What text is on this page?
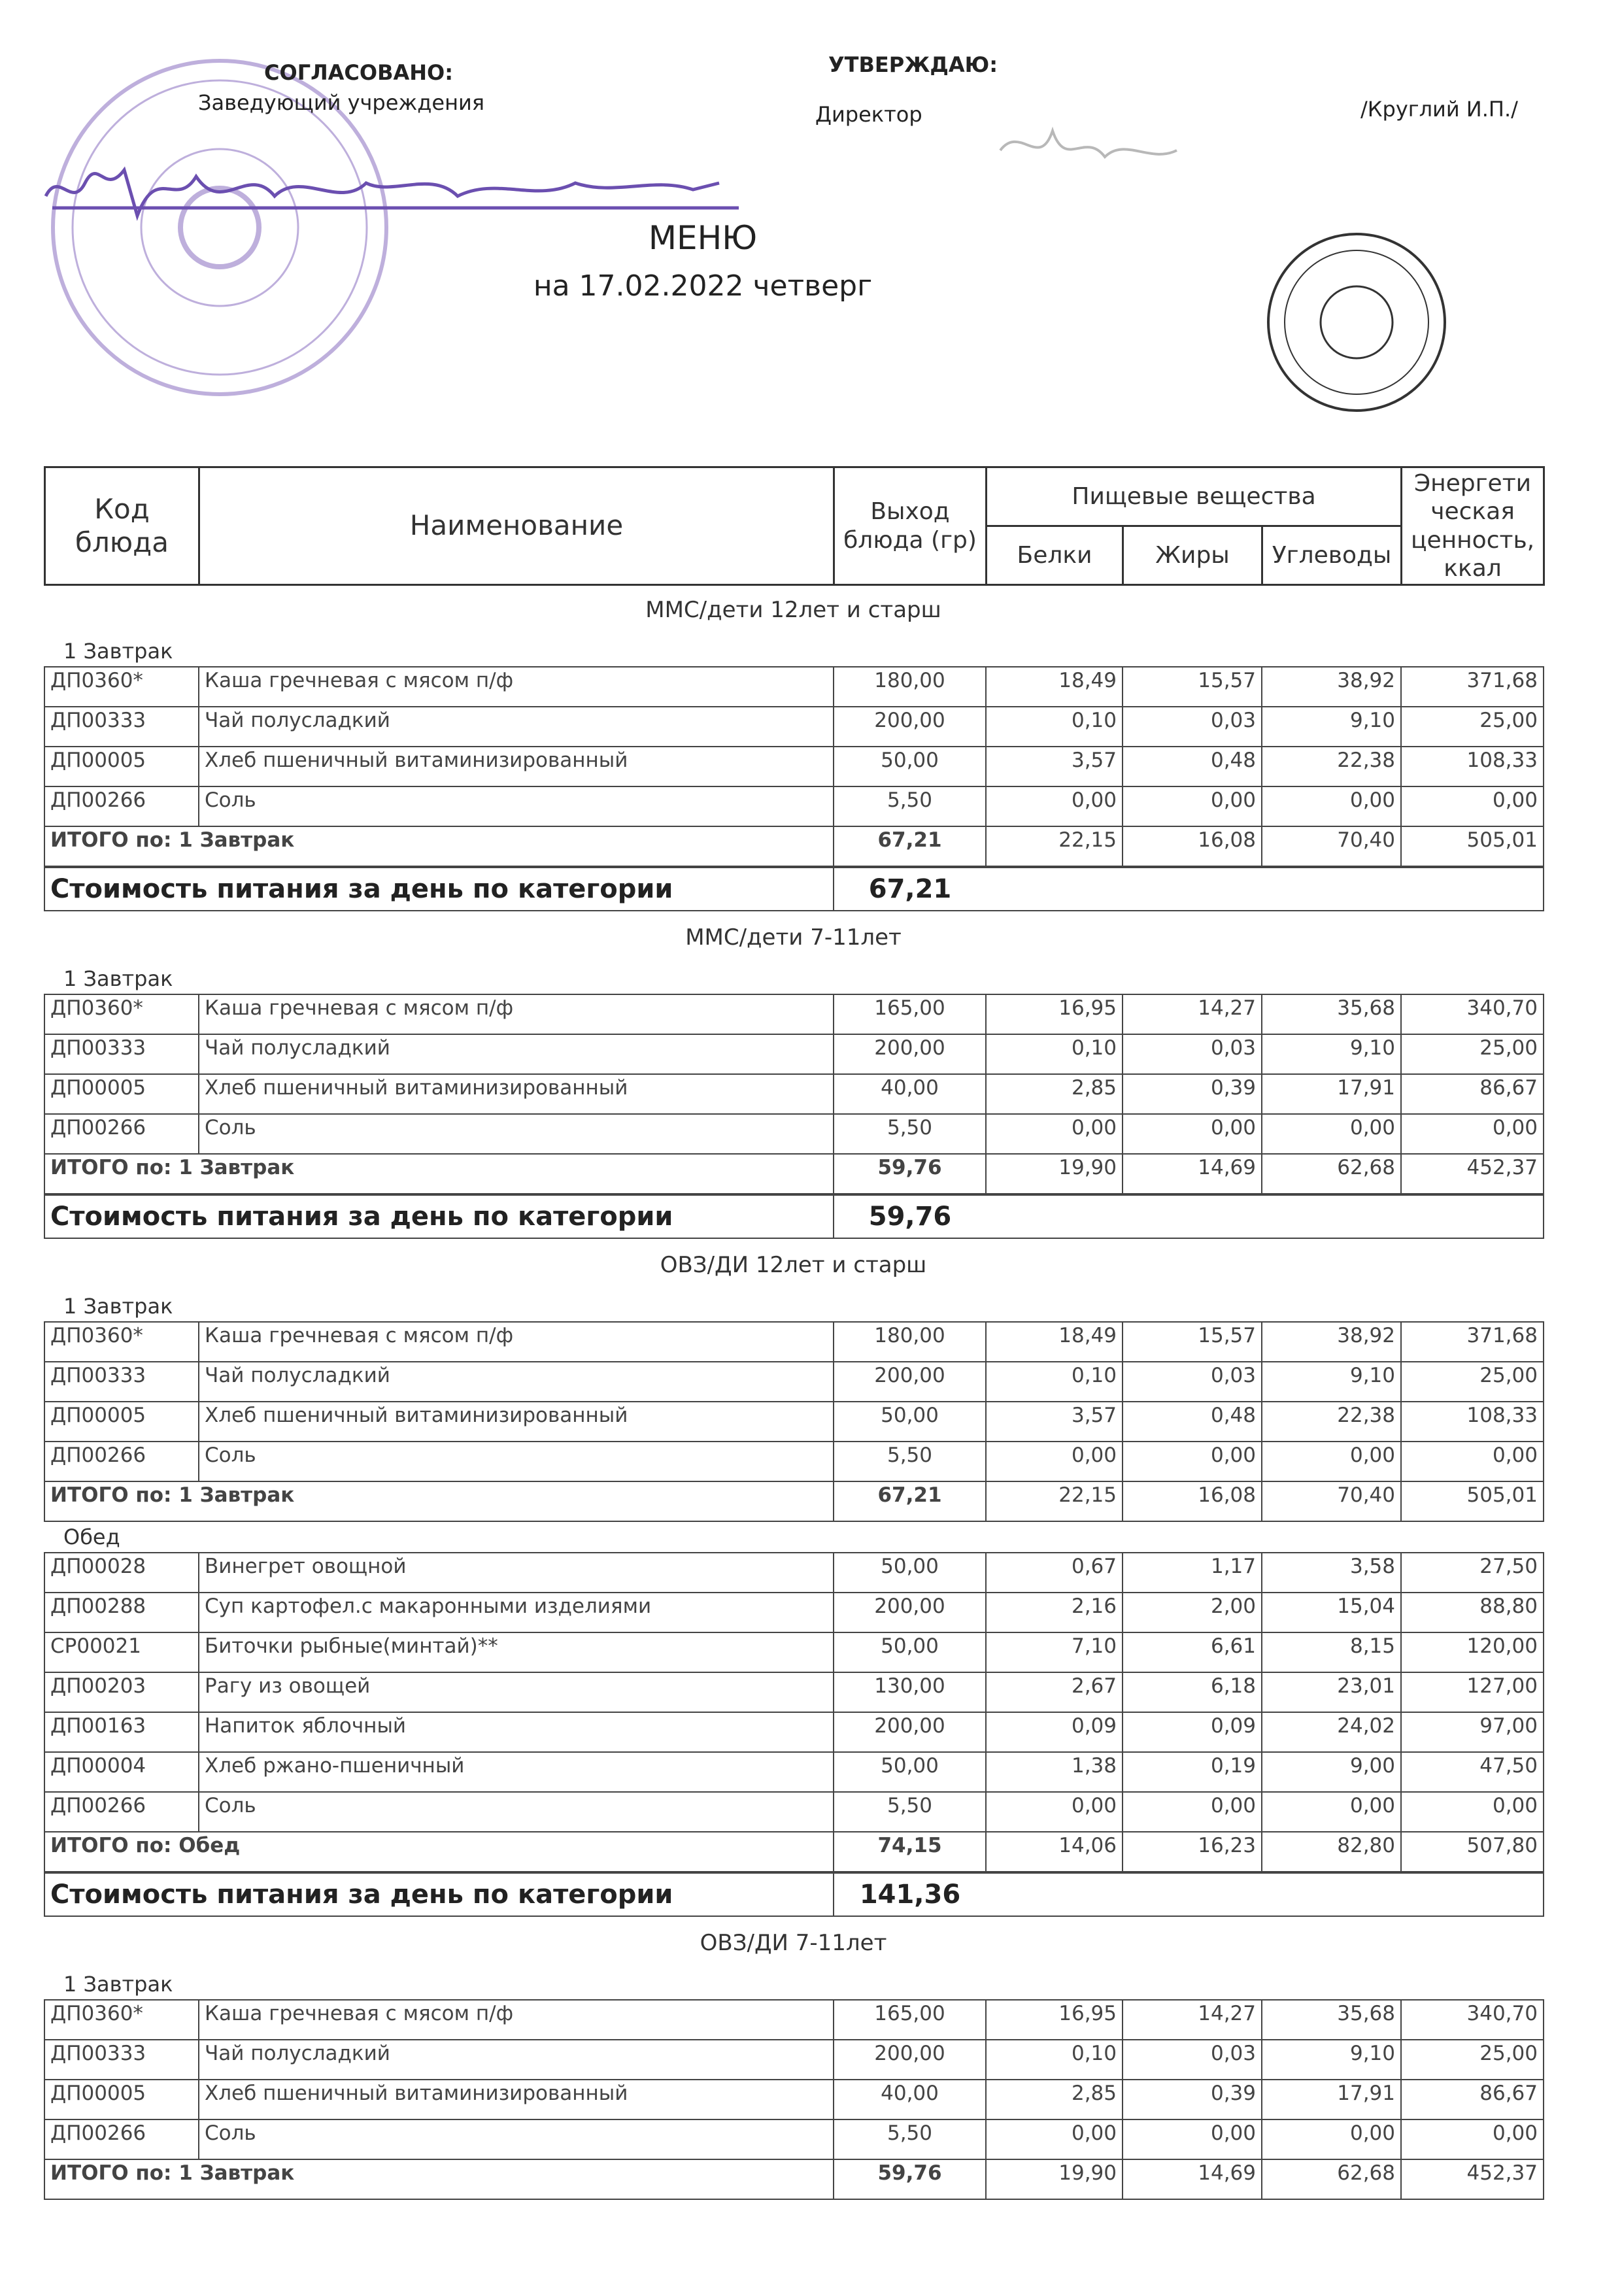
СОГЛАСОВАНО:
Заведующий учреждения
УТВЕРЖДАЮ:
Директор	/Круглий И.П./
МЕНЮ
на 17.02.2022 четверг
Код блюда	Наименование	Выход блюда (гр)	Пищевые вещества			Энергети ческая ценность, ккал
			Белки	Жиры	Углеводы	
ММС/дети 12лет и старш
1 Завтрак
ДП0360*	Каша гречневая с мясом п/ф	180,00	18,49	15,57	38,92	371,68
ДП00333	Чай полусладкий	200,00	0,10	0,03	9,10	25,00
ДП00005	Хлеб пшеничный витаминизированный	50,00	3,57	0,48	22,38	108,33
ДП00266	Соль	5,50	0,00	0,00	0,00	0,00
ИТОГО по: 1 Завтрак		67,21	22,15	16,08	70,40	505,01
Стоимость питания за день по категории	67,21	
ММС/дети 7-11лет
1 Завтрак
ДП0360*	Каша гречневая с мясом п/ф	165,00	16,95	14,27	35,68	340,70
ДП00333	Чай полусладкий	200,00	0,10	0,03	9,10	25,00
ДП00005	Хлеб пшеничный витаминизированный	40,00	2,85	0,39	17,91	86,67
ДП00266	Соль	5,50	0,00	0,00	0,00	0,00
ИТОГО по: 1 Завтрак		59,76	19,90	14,69	62,68	452,37
Стоимость питания за день по категории	59,76	
ОВЗ/ДИ 12лет и старш
1 Завтрак
ДП0360*	Каша гречневая с мясом п/ф	180,00	18,49	15,57	38,92	371,68
ДП00333	Чай полусладкий	200,00	0,10	0,03	9,10	25,00
ДП00005	Хлеб пшеничный витаминизированный	50,00	3,57	0,48	22,38	108,33
ДП00266	Соль	5,50	0,00	0,00	0,00	0,00
ИТОГО по: 1 Завтрак		67,21	22,15	16,08	70,40	505,01
Обед
ДП00028	Винегрет овощной	50,00	0,67	1,17	3,58	27,50
ДП00288	Суп картофел.с макаронными изделиями	200,00	2,16	2,00	15,04	88,80
СР00021	Биточки рыбные(минтай)**	50,00	7,10	6,61	8,15	120,00
ДП00203	Рагу из овощей	130,00	2,67	6,18	23,01	127,00
ДП00163	Напиток яблочный	200,00	0,09	0,09	24,02	97,00
ДП00004	Хлеб ржано-пшеничный	50,00	1,38	0,19	9,00	47,50
ДП00266	Соль	5,50	0,00	0,00	0,00	0,00
ИТОГО по: Обед		74,15	14,06	16,23	82,80	507,80
Стоимость питания за день по категории	141,36	
ОВЗ/ДИ 7-11лет
1 Завтрак
ДП0360*	Каша гречневая с мясом п/ф	165,00	16,95	14,27	35,68	340,70
ДП00333	Чай полусладкий	200,00	0,10	0,03	9,10	25,00
ДП00005	Хлеб пшеничный витаминизированный	40,00	2,85	0,39	17,91	86,67
ДП00266	Соль	5,50	0,00	0,00	0,00	0,00
ИТОГО по: 1 Завтрак		59,76	19,90	14,69	62,68	452,37
